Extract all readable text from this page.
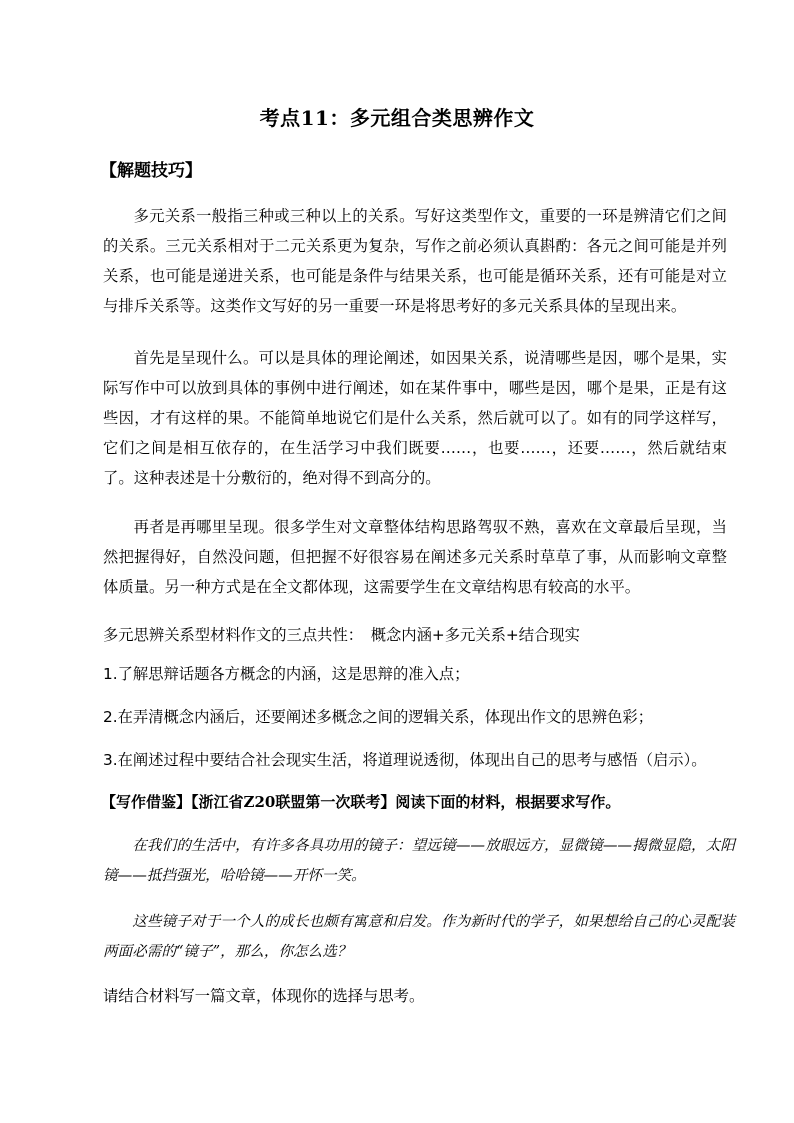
考点11：多元组合类思辨作文
【解题技巧】
多元关系一般指三种或三种以上的关系。写好这类型作文，重要的一环是辨清它们之间的关系。三元关系相对于二元关系更为复杂，写作之前必须认真斟酌：各元之间可能是并列关系，也可能是递进关系，也可能是条件与结果关系，也可能是循环关系，还有可能是对立与排斥关系等。这类作文写好的另一重要一环是将思考好的多元关系具体的呈现出来。
首先是呈现什么。可以是具体的理论阐述，如因果关系，说清哪些是因，哪个是果，实际写作中可以放到具体的事例中进行阐述，如在某件事中，哪些是因，哪个是果，正是有这些因，才有这样的果。不能简单地说它们是什么关系，然后就可以了。如有的同学这样写，它们之间是相互依存的，在生活学习中我们既要……，也要……，还要……，然后就结束了。这种表述是十分敷衍的，绝对得不到高分的。
再者是再哪里呈现。很多学生对文章整体结构思路驾驭不熟，喜欢在文章最后呈现，当然把握得好，自然没问题，但把握不好很容易在阐述多元关系时草草了事，从而影响文章整体质量。另一种方式是在全文都体现，这需要学生在文章结构思有较高的水平。
多元思辨关系型材料作文的三点共性：　概念内涵+多元关系+结合现实
1.了解思辩话题各方概念的内涵，这是思辩的准入点；
2.在弄清概念内涵后，还要阐述多概念之间的逻辑关系，体现出作文的思辨色彩；
3.在阐述过程中要结合社会现实生活，将道理说透彻，体现出自己的思考与感悟（启示）。
【写作借鉴】【浙江省Z20联盟第一次联考】阅读下面的材料，根据要求写作。
在我们的生活中，有许多各具功用的镜子：望远镜——放眼远方，显微镜——揭微显隐，太阳镜——抵挡强光，哈哈镜——开怀一笑。
这些镜子对于一个人的成长也颇有寓意和启发。作为新时代的学子，如果想给自己的心灵配装两面必需的“镜子”，那么，你怎么选？
请结合材料写一篇文章，体现你的选择与思考。
